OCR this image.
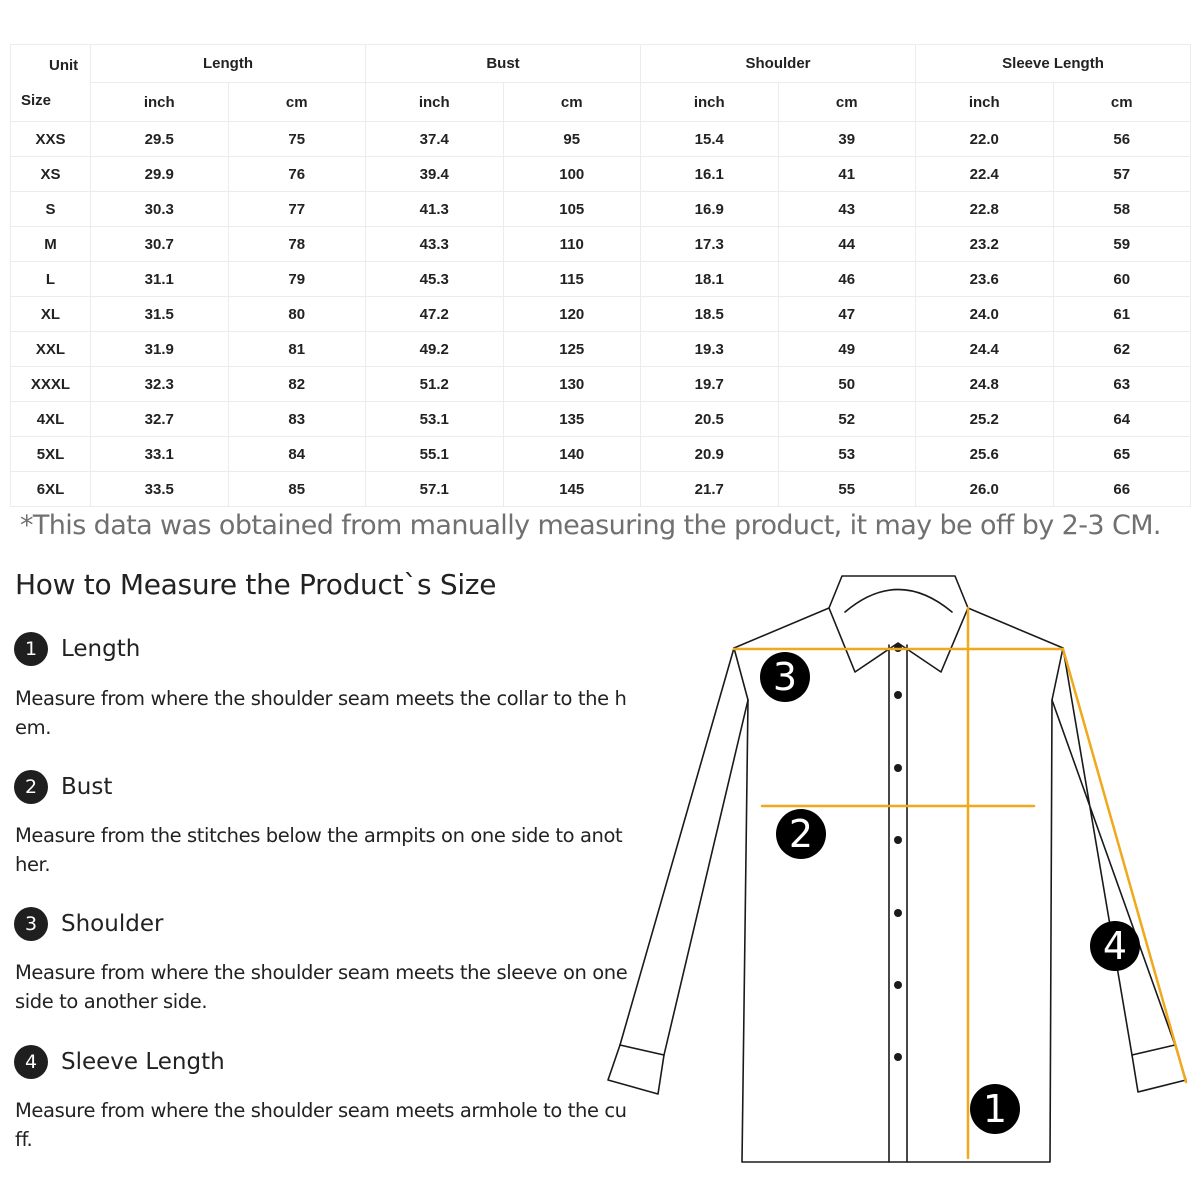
Unit
Size	Length		Bust		Shoulder		Sleeve Length	
	inch	cm	inch	cm	inch	cm	inch	cm
XXS	29.5	75	37.4	95	15.4	39	22.0	56
XS	29.9	76	39.4	100	16.1	41	22.4	57
S	30.3	77	41.3	105	16.9	43	22.8	58
M	30.7	78	43.3	110	17.3	44	23.2	59
L	31.1	79	45.3	115	18.1	46	23.6	60
XL	31.5	80	47.2	120	18.5	47	24.0	61
XXL	31.9	81	49.2	125	19.3	49	24.4	62
XXXL	32.3	82	51.2	130	19.7	50	24.8	63
4XL	32.7	83	53.1	135	20.5	52	25.2	64
5XL	33.1	84	55.1	140	20.9	53	25.6	65
6XL	33.5	85	57.1	145	21.7	55	26.0	66
*This data was obtained from manually measuring the product, it may be off by 2-3 CM.
How to Measure the Product`s Size
1	Length
Measure from where the shoulder seam meets the collar to the hem.
2	Bust
Measure from the stitches below the armpits on one side to another.
3	Shoulder
Measure from where the shoulder seam meets the sleeve on one side to another side.
4	Sleeve Length
Measure from where the shoulder seam meets armhole to the cuff.
3
2
4
1
